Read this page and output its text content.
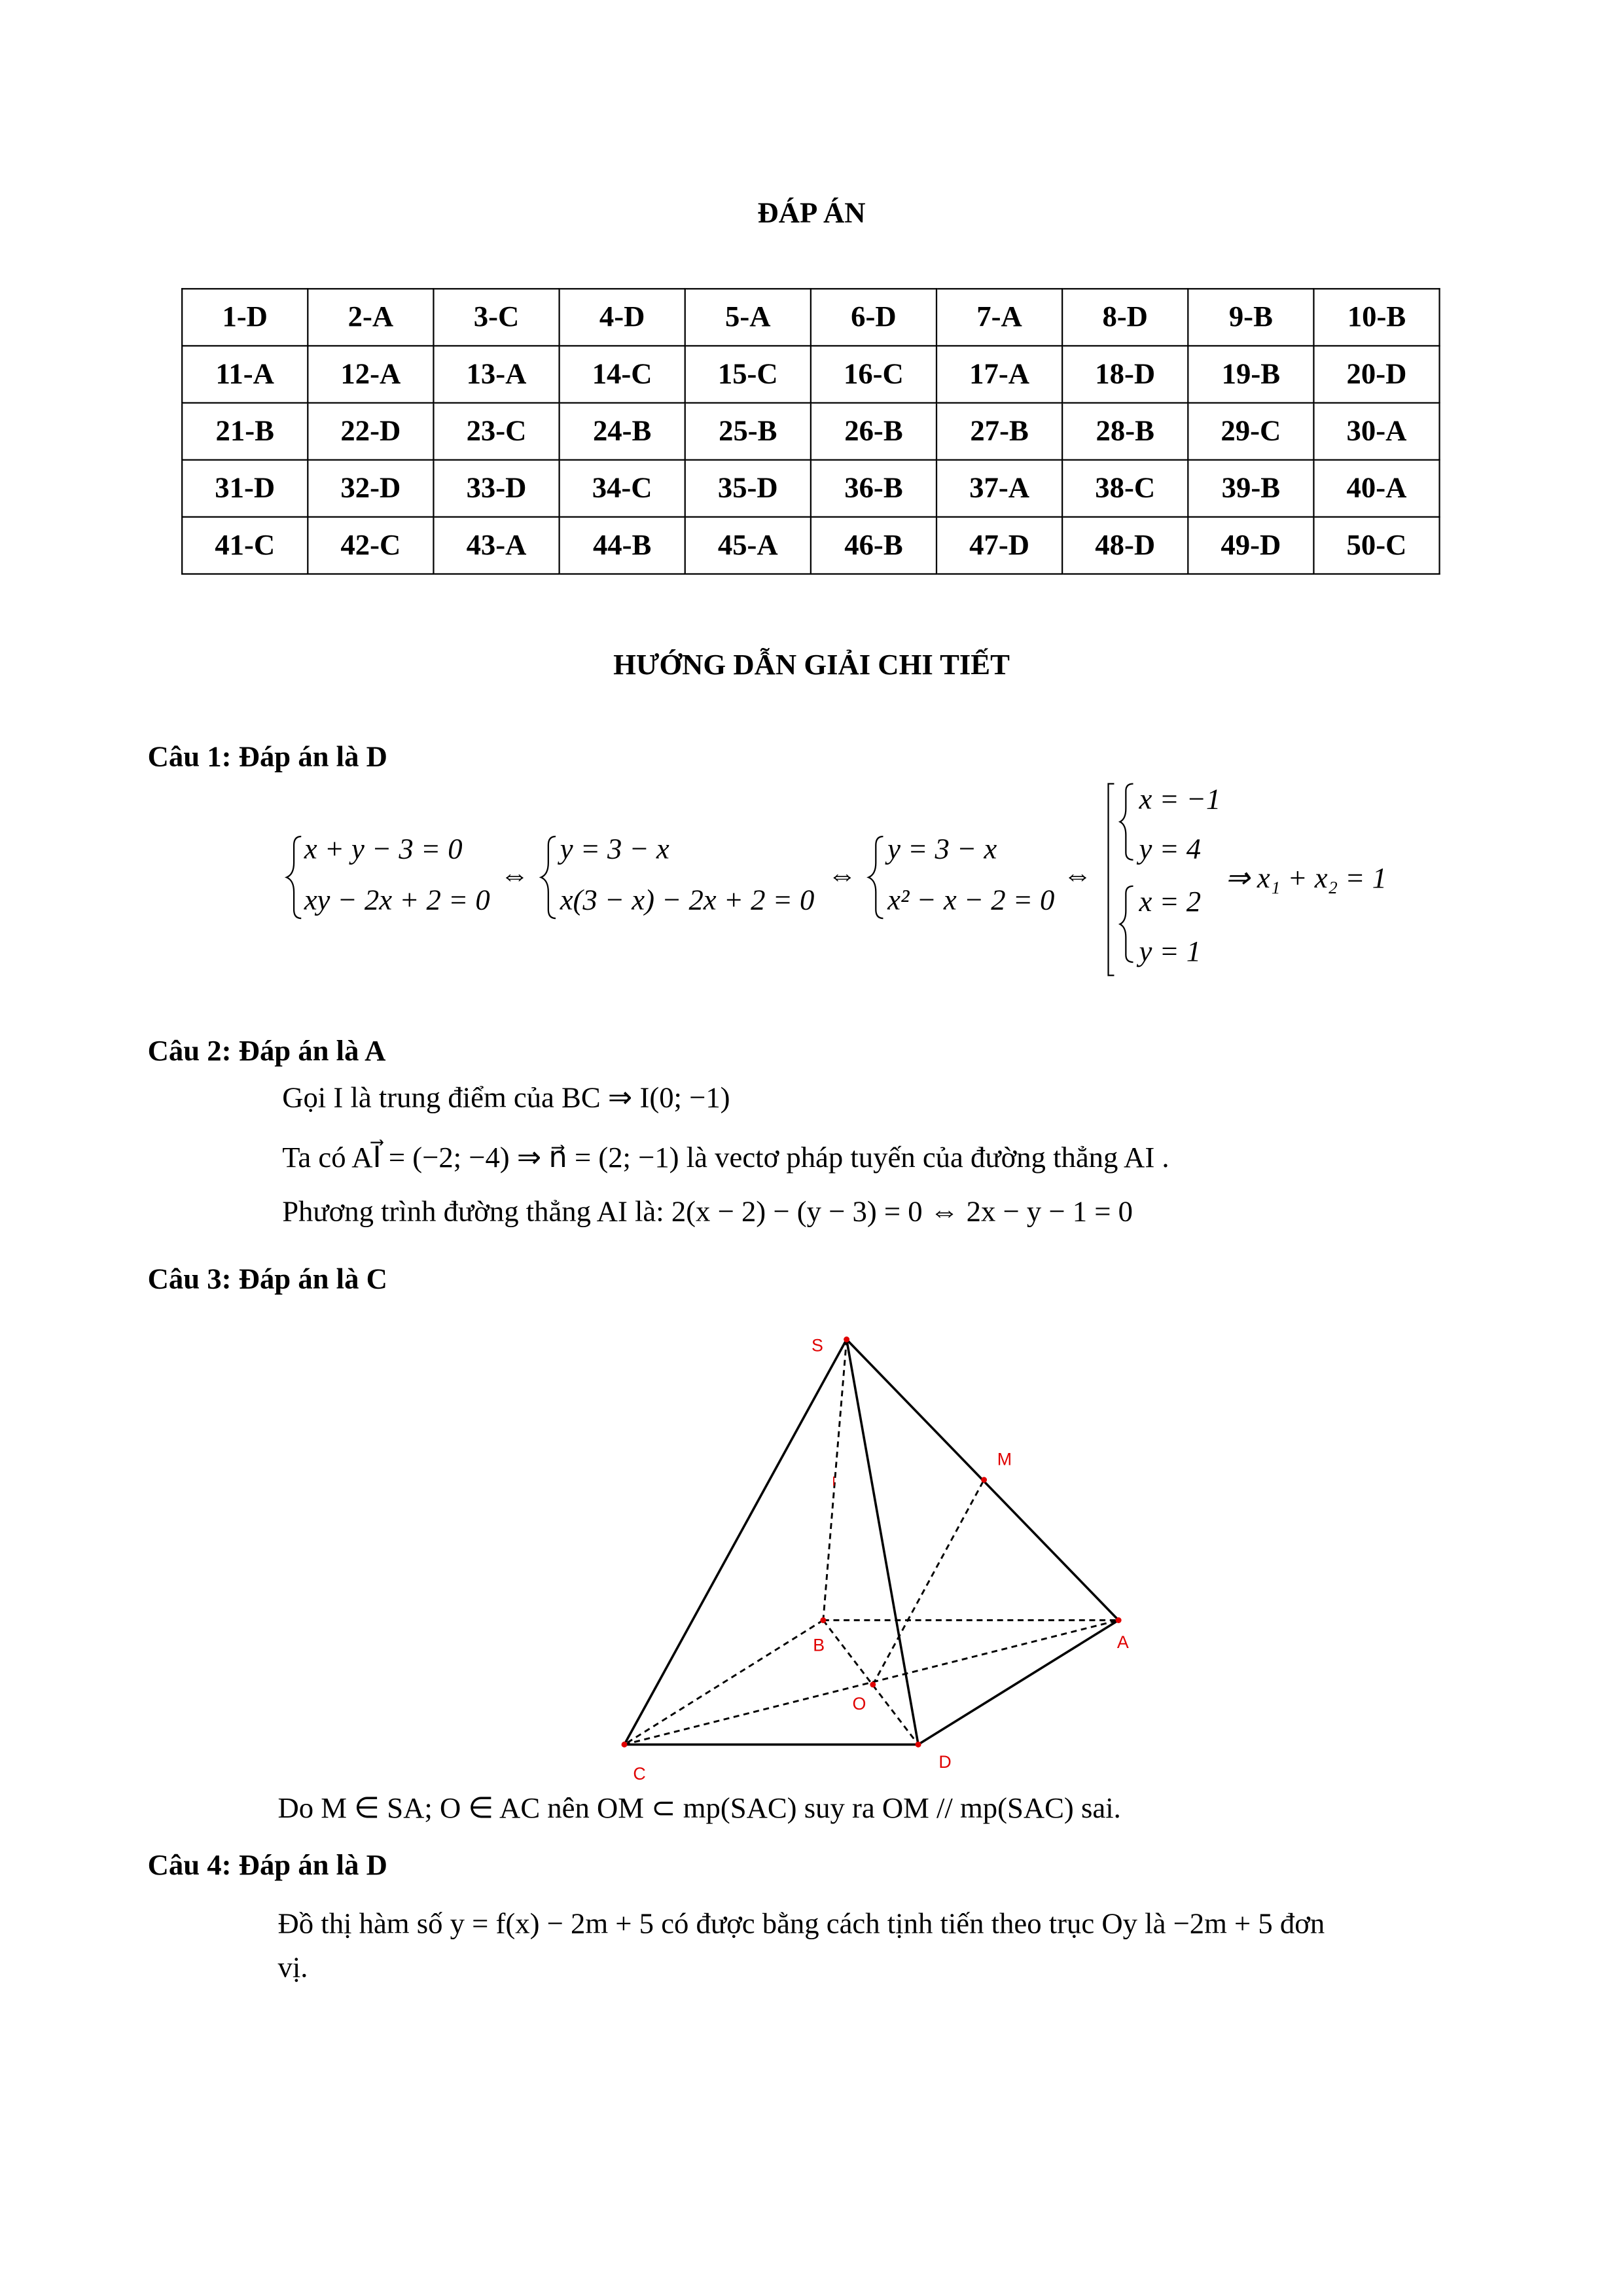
ĐÁP ÁN
1-D	2-A	3-C	4-D	5-A	6-D	7-A	8-D	9-B	10-B
11-A	12-A	13-A	14-C	15-C	16-C	17-A	18-D	19-B	20-D
21-B	22-D	23-C	24-B	25-B	26-B	27-B	28-B	29-C	30-A
31-D	32-D	33-D	34-C	35-D	36-B	37-A	38-C	39-B	40-A
41-C	42-C	43-A	44-B	45-A	46-B	47-D	48-D	49-D	50-C
HƯỚNG DẪN GIẢI CHI TIẾT
Câu 1: Đáp án là D
x + y − 3 = 0
xy − 2x + 2 = 0
⇔
y = 3 − x
x(3 − x) − 2x + 2 = 0
⇔
y = 3 − x
x² − x − 2 = 0
⇔
x = −1
y = 4
x = 2
y = 1
⇒ x₁ + x₂ = 1
Câu 2: Đáp án là A
Gọi I là trung điểm của BC ⇒ I(0; −1)
Ta có AI⃗ = (−2; −4) ⇒ n⃗ = (2; −1) là vectơ pháp tuyến của đường thẳng AI .
Phương trình đường thẳng AI là: 2(x − 2) − (y − 3) = 0 ⇔ 2x − y − 1 = 0
Câu 3: Đáp án là C
S
M
A
B
O
C
D
I
Do M ∈ SA; O ∈ AC nên OM ⊂ mp(SAC) suy ra OM // mp(SAC) sai.
Câu 4: Đáp án là D
Đồ thị hàm số y = f(x) − 2m + 5 có được bằng cách tịnh tiến theo trục Oy là −2m + 5 đơn
vị.
